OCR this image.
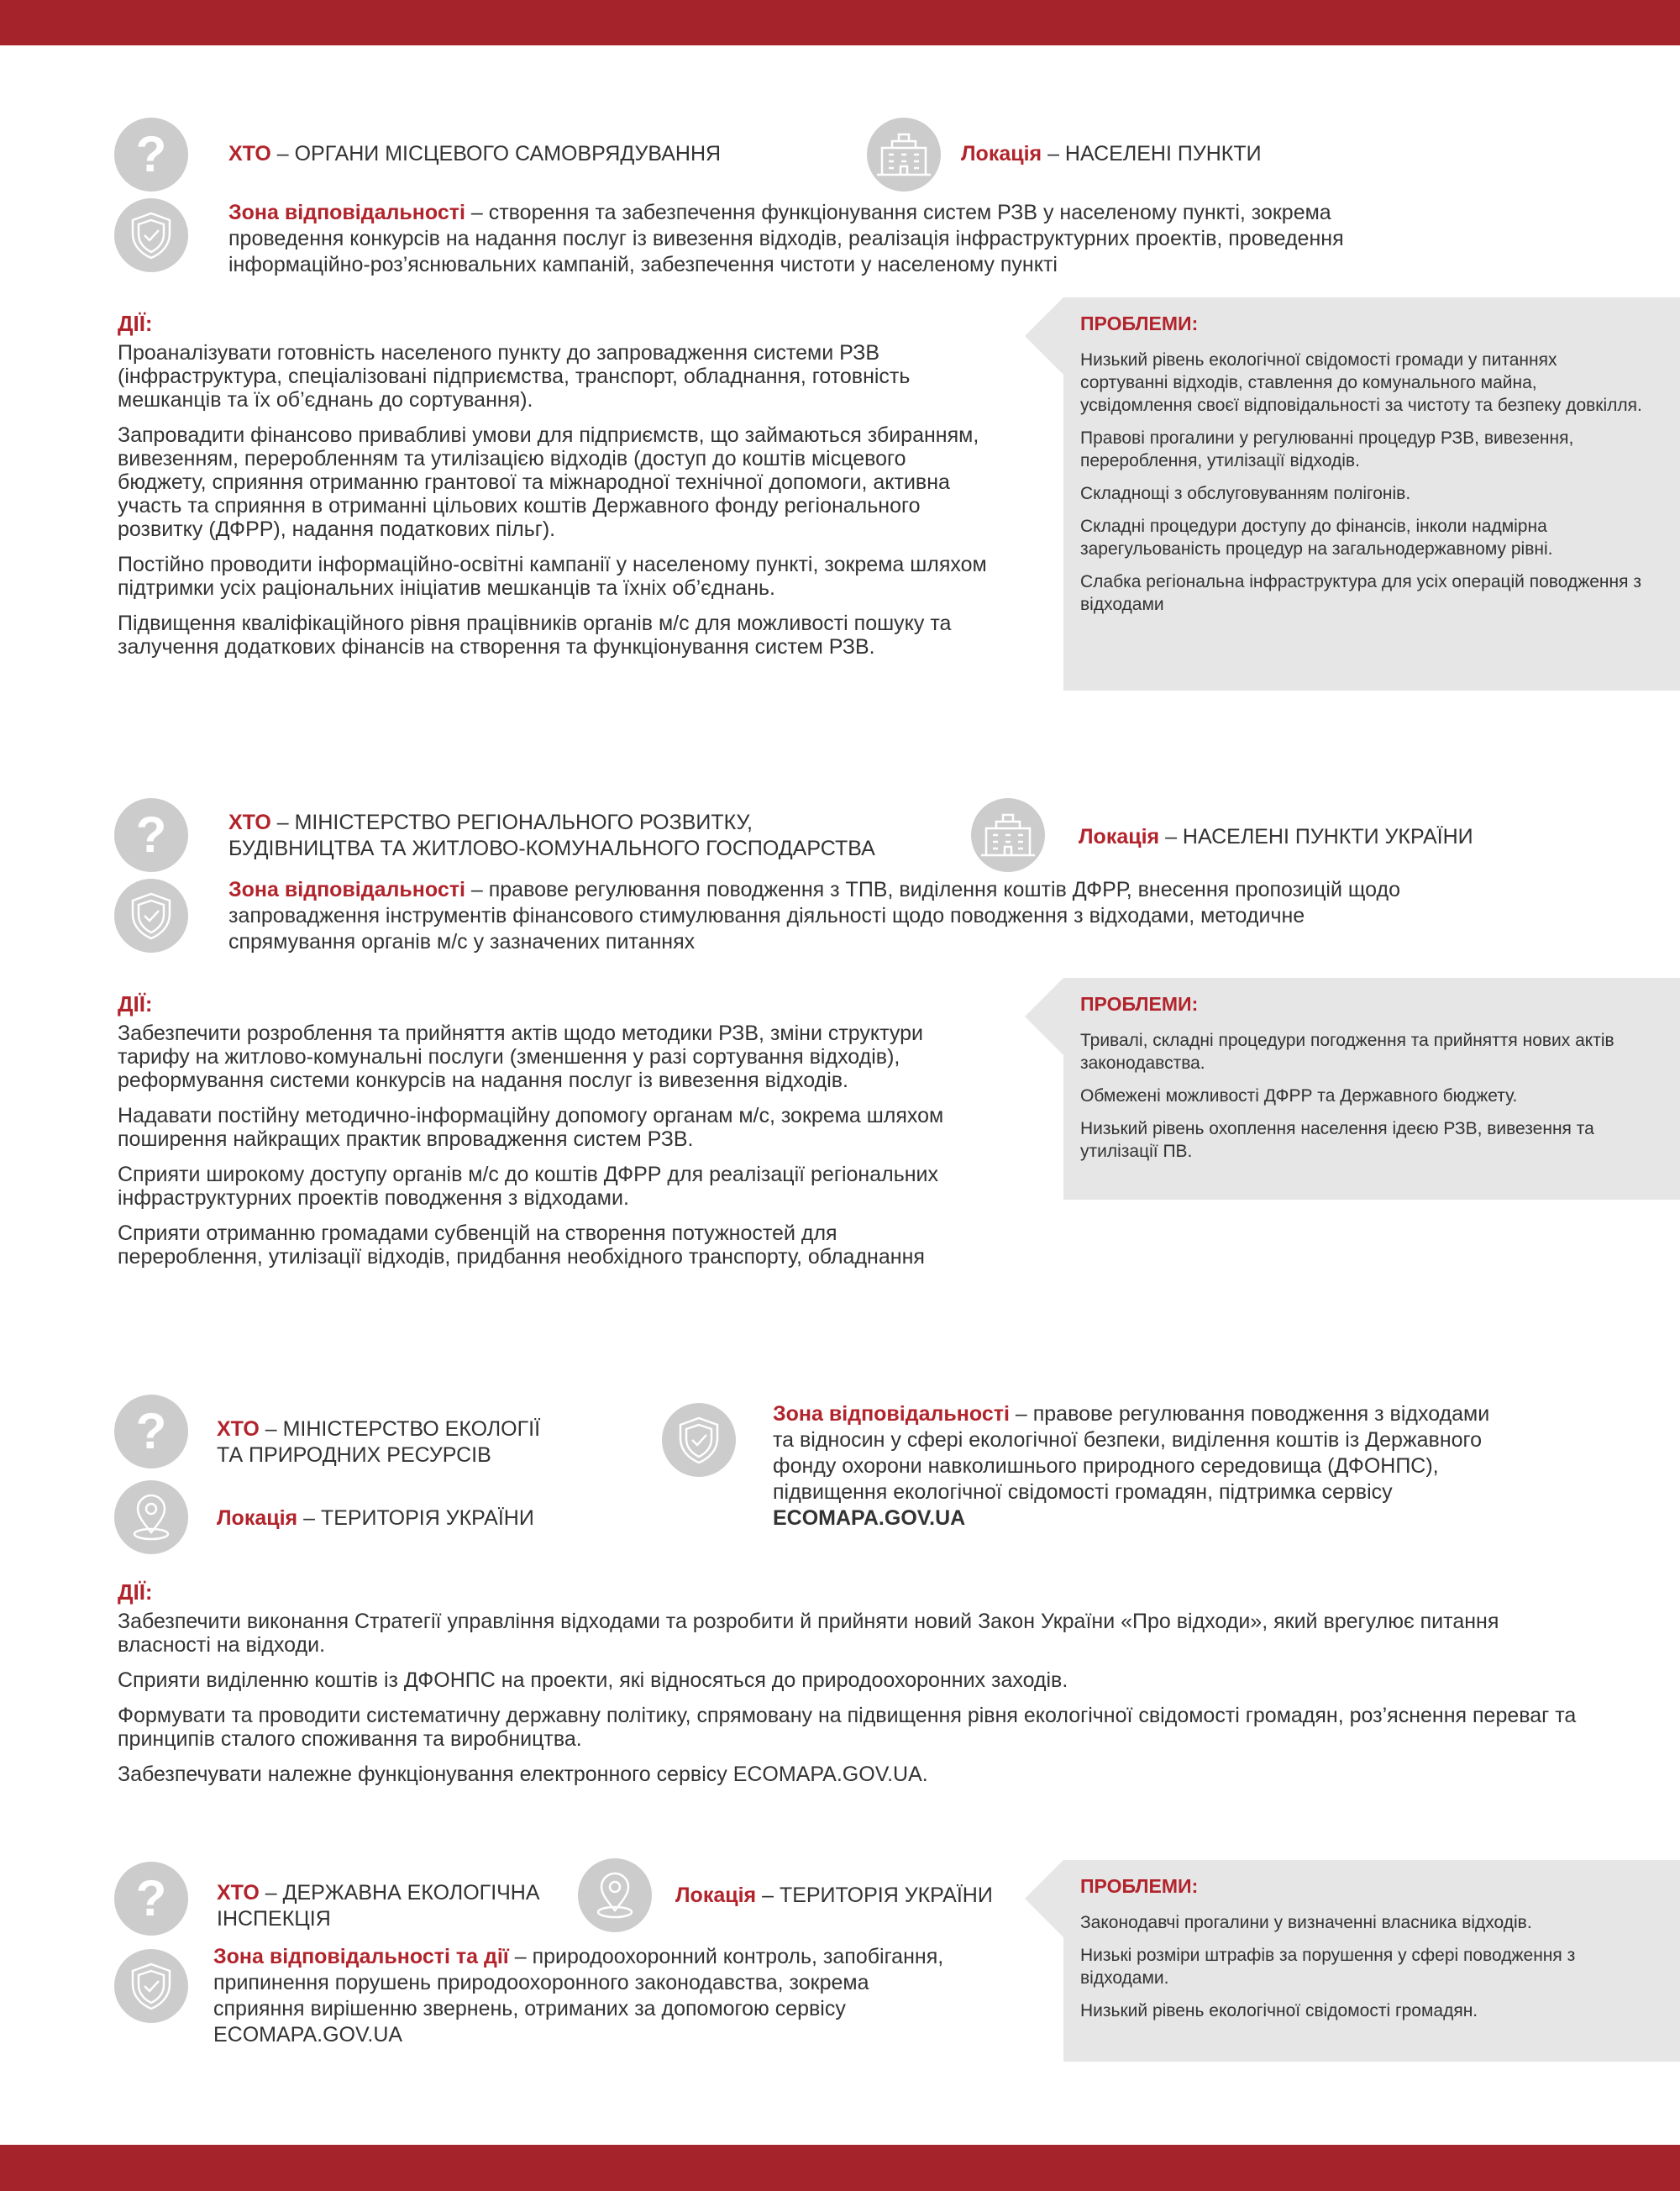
?	ХТО – ОРГАНИ МІСЦЕВОГО САМОВРЯДУВАННЯ	Локація – НАСЕЛЕНІ ПУНКТИ
Зона відповідальності – створення та забезпечення функціонування систем РЗВ у населеному пункті, зокрема
проведення конкурсів на надання послуг із вивезення відходів, реалізація інфраструктурних проектів, проведення
інформаційно-роз’яснювальних кампаній, забезпечення чистоти у населеному пункті
ДІЇ:

Проаналізувати готовність населеного пункту до запровадження системи РЗВ (інфраструктура, спеціалізовані підприємства, транспорт, обладнання, готовність мешканців та їх об’єднань до сортування).

Запровадити фінансово привабливі умови для підприємств, що займаються збиранням, вивезенням, переробленням та утилізацією відходів (доступ до коштів місцевого бюджету, сприяння отриманню грантової та міжнародної технічної допомоги, активна участь та сприяння в отриманні цільових коштів Державного фонду регіонального розвитку (ДФРР), надання податкових пільг).

Постійно проводити інформаційно-освітні кампанії у населеному пункті, зокрема шляхом підтримки усіх раціональних ініціатив мешканців та їхніх об’єднань.

Підвищення кваліфікаційного рівня працівників органів м/с для можливості пошуку та залучення додаткових фінансів на створення та функціонування систем РЗВ.

ПРОБЛЕМИ:

Низький рівень екологічної свідомості громади у питаннях сортуванні відходів, ставлення до комунального майна, усвідомлення своєї відповідальності за чистоту та безпеку довкілля.

Правові прогалини у регулюванні процедур РЗВ, вивезення, перероблення, утилізації відходів.

Складнощі з обслуговуванням полігонів.

Складні процедури доступу до фінансів, інколи надмірна зарегульованість процедур на загальнодержавному рівні.

Слабка регіональна інфраструктура для усіх операцій поводження з відходами

?	ХТО – МІНІСТЕРСТВО РЕГІОНАЛЬНОГО РОЗВИТКУ,
БУДІВНИЦТВА ТА ЖИТЛОВО-КОМУНАЛЬНОГО ГОСПОДАРСТВА	Локація – НАСЕЛЕНІ ПУНКТИ УКРАЇНИ
Зона відповідальності – правове регулювання поводження з ТПВ, виділення коштів ДФРР, внесення пропозицій щодо
запровадження інструментів фінансового стимулювання діяльності щодо поводження з відходами, методичне
спрямування органів м/с у зазначених питаннях
ДІЇ:

Забезпечити розроблення та прийняття актів щодо методики РЗВ, зміни структури тарифу на житлово-комунальні послуги (зменшення у разі сортування відходів), реформування системи конкурсів на надання послуг із вивезення відходів.

Надавати постійну методично-інформаційну допомогу органам м/с, зокрема шляхом поширення найкращих практик впровадження систем РЗВ.

Сприяти широкому доступу органів м/с до коштів ДФРР для реалізації регіональних інфраструктурних проектів поводження з відходами.

Сприяти отриманню громадами субвенцій на створення потужностей для перероблення, утилізації відходів, придбання необхідного транспорту, обладнання

ПРОБЛЕМИ:

Тривалі, складні процедури погодження та прийняття нових актів законодавства.

Обмежені можливості ДФРР та Державного бюджету.

Низький рівень охоплення населення ідеєю РЗВ, вивезення та утилізації ПВ.

? ХТО – МІНІСТЕРСТВО ЕКОЛОГІЇ
ТА ПРИРОДНИХ РЕСУРСІВ
Локація – ТЕРИТОРІЯ УКРАЇНИ
Зона відповідальності – правове регулювання поводження з відходами
та відносин у сфері екологічної безпеки, виділення коштів із Державного
фонду охорони навколишнього природного середовища (ДФОНПС),
підвищення екологічної свідомості громадян, підтримка сервісу
ECOMAPA.GOV.UA
ДІЇ:

Забезпечити виконання Стратегії управління відходами та розробити й прийняти новий Закон України «Про відходи», який врегулює питання власності на відходи.

Сприяти виділенню коштів із ДФОНПС на проекти, які відносяться до природоохоронних заходів.

Формувати та проводити систематичну державну політику, спрямовану на підвищення рівня екологічної свідомості громадян, роз’яснення переваг та принципів сталого споживання та виробництва.

Забезпечувати належне функціонування електронного сервісу ECOMAPA.GOV.UA.

? ХТО – ДЕРЖАВНА ЕКОЛОГІЧНА
ІНСПЕКЦІЯ
Локація – ТЕРИТОРІЯ УКРАЇНИ
Зона відповідальності та дії – природоохоронний контроль, запобігання,
припинення порушень природоохоронного законодавства, зокрема
сприяння вирішенню звернень, отриманих за допомогою сервісу
ECOMAPA.GOV.UA
ПРОБЛЕМИ:

Законодавчі прогалини у визначенні власника відходів.

Низькі розміри штрафів за порушення у сфері поводження з відходами.

Низький рівень екологічної свідомості громадян.
